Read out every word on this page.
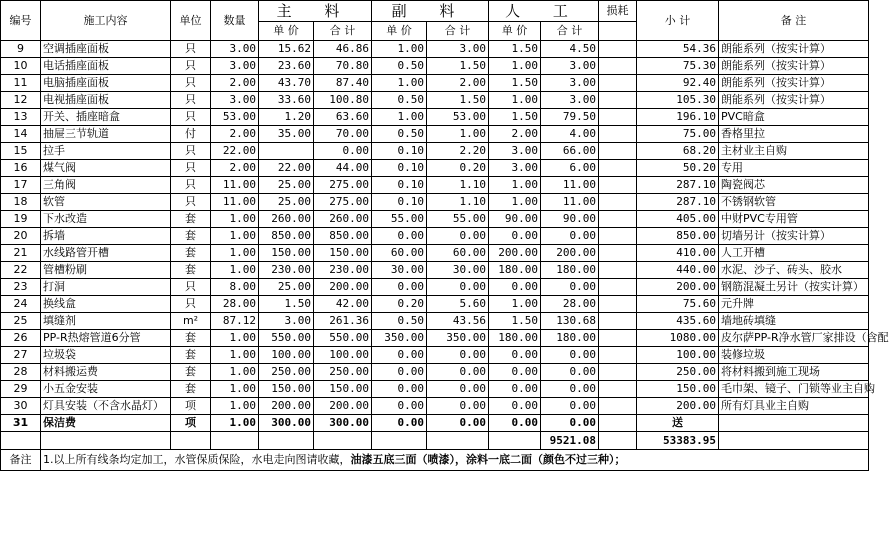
编号	施工内容	单位	数量	主 料		副 料		人 工		损耗	小 计	备 注
				单 价	合 计	单 价	合 计	单 价	合 计			
9	空调插座面板	只	3.00	15.62	46.86	1.00	3.00	1.50	4.50		54.36	朗能系列（按实计算）
10	电话插座面板	只	3.00	23.60	70.80	0.50	1.50	1.00	3.00		75.30	朗能系列（按实计算）
11	电脑插座面板	只	2.00	43.70	87.40	1.00	2.00	1.50	3.00		92.40	朗能系列（按实计算）
12	电视插座面板	只	3.00	33.60	100.80	0.50	1.50	1.00	3.00		105.30	朗能系列（按实计算）
13	开关、插座暗盒	只	53.00	1.20	63.60	1.00	53.00	1.50	79.50		196.10	PVC暗盒
14	抽屉三节轨道	付	2.00	35.00	70.00	0.50	1.00	2.00	4.00		75.00	香格里拉
15	拉手	只	22.00		0.00	0.10	2.20	3.00	66.00		68.20	主材业主自购
16	煤气阀	只	2.00	22.00	44.00	0.10	0.20	3.00	6.00		50.20	专用
17	三角阀	只	11.00	25.00	275.00	0.10	1.10	1.00	11.00		287.10	陶瓷阀芯
18	软管	只	11.00	25.00	275.00	0.10	1.10	1.00	11.00		287.10	不锈钢软管
19	下水改造	套	1.00	260.00	260.00	55.00	55.00	90.00	90.00		405.00	中财PVC专用管
20	拆墙	套	1.00	850.00	850.00	0.00	0.00	0.00	0.00		850.00	切墙另计（按实计算）
21	水线路管开槽	套	1.00	150.00	150.00	60.00	60.00	200.00	200.00		410.00	人工开槽
22	管槽粉刷	套	1.00	230.00	230.00	30.00	30.00	180.00	180.00		440.00	水泥、沙子、砖头、胶水
23	打洞	只	8.00	25.00	200.00	0.00	0.00	0.00	0.00		200.00	钢筋混凝土另计（按实计算）
24	换线盒	只	28.00	1.50	42.00	0.20	5.60	1.00	28.00		75.60	元升牌
25	填缝剂	m²	87.12	3.00	261.36	0.50	43.56	1.50	130.68		435.60	墙地砖填缝
26	PP-R热熔管道6分管	套	1.00	550.00	550.00	350.00	350.00	180.00	180.00		1080.00	皮尔萨PP-R净水管厂家排设（含配
27	垃圾袋	套	1.00	100.00	100.00	0.00	0.00	0.00	0.00		100.00	装修垃圾
28	材料搬运费	套	1.00	250.00	250.00	0.00	0.00	0.00	0.00		250.00	将材料搬到施工现场
29	小五金安装	套	1.00	150.00	150.00	0.00	0.00	0.00	0.00		150.00	毛巾架、镜子、门锁等业主自购
30	灯具安装（不含水晶灯）	项	1.00	200.00	200.00	0.00	0.00	0.00	0.00		200.00	所有灯具业主自购
31	保洁费	项	1.00	300.00	300.00	0.00	0.00	0.00	0.00		送	
									9521.08		53383.95	
备注	1.以上所有线条均定加工，水管保质保险，水电走向图请收藏，油漆五底三面（喷漆），涂料一底二面（颜色不过三种）；											
